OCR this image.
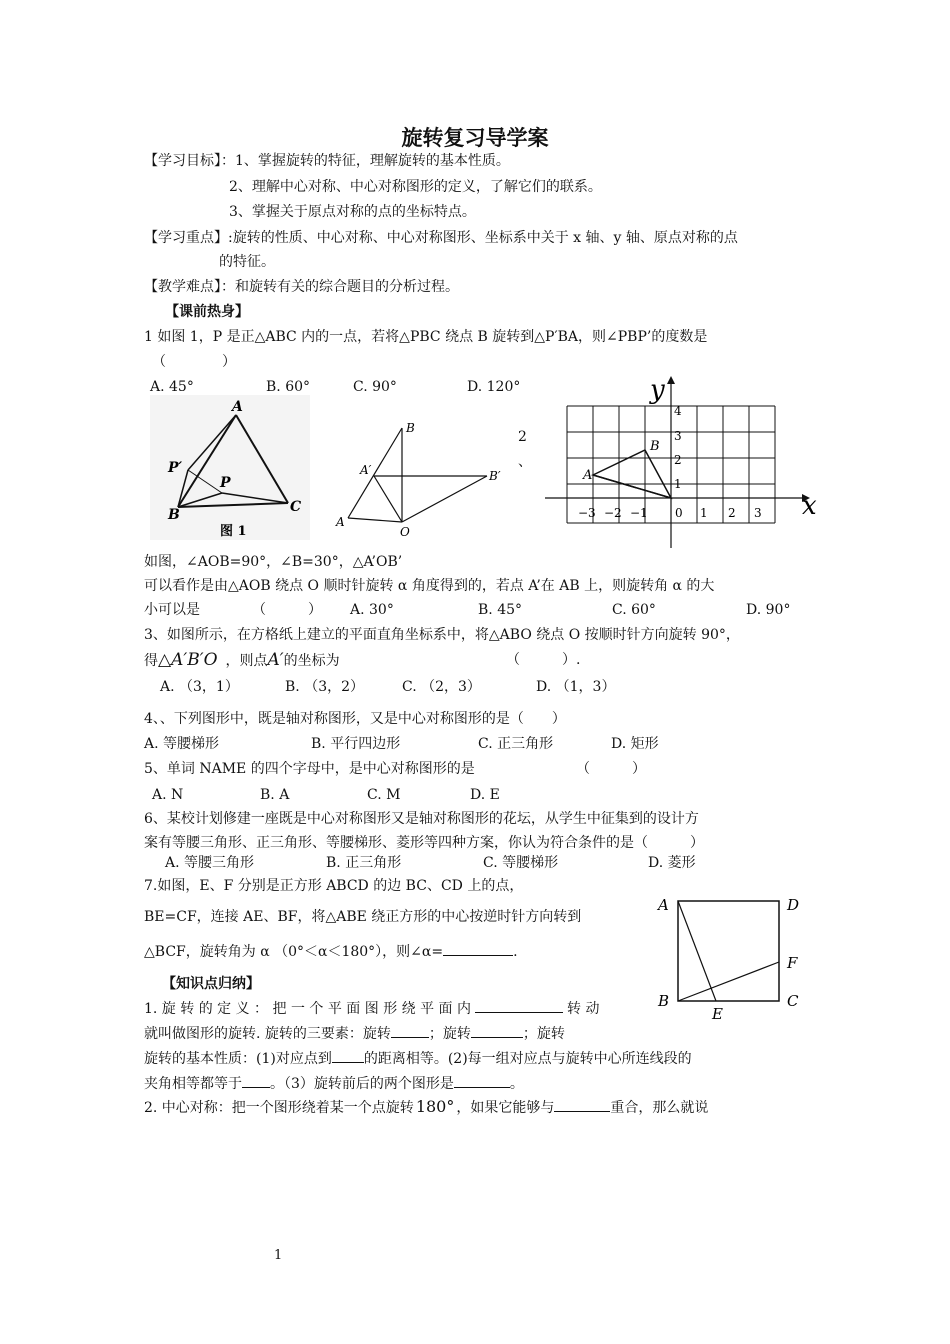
旋转复习导学案
【学习目标】：1、掌握旋转的特征，理解旋转的基本性质。
2、理解中心对称、中心对称图形的定义，了解它们的联系。
3、掌握关于原点对称的点的坐标特点。
【学习重点】:旋转的性质、中心对称、中心对称图形、坐标系中关于 x 轴、y 轴、原点对称的点
的特征。
【教学难点】：和旋转有关的综合题目的分析过程。
【课前热身】
1 如图 1，P 是正△ABC 内的一点，若将△PBC 绕点 B 旋转到△P′BA，则∠PBP’的度数是
（　　　　）
A. 45°	B. 60°	C. 90°	D. 120°
A
P′
P
B	C
图 1
B
A′	B′
A
O
2
、
y
x
−3 −2 −1 0 1 2 3
1
2
3
4
A
B
如图，∠AOB=90°，∠B=30°，△A’OB’
可以看作是由△AOB 绕点 O 顺时针旋转 α 角度得到的，若点 A’在 AB 上，则旋转角 α 的大
小可以是	（　　　） A. 30°	B. 45°	C. 60°	D. 90°
3、如图所示，在方格纸上建立的平面直角坐标系中，将△ABO 绕点 O 按顺时针方向旋转 90°，
得△A′B′O ，则点A′的坐标为	（　　　）.
A. （3，1）	B. （3，2）	C. （2，3）	D. （1，3）
4、、下列图形中，既是轴对称图形，又是中心对称图形的是（　　）
A. 等腰梯形	B. 平行四边形	C. 正三角形	D. 矩形
5、单词 NAME 的四个字母中，是中心对称图形的是	（　　　）
A. N	B. A	C. M	D. E
6、某校计划修建一座既是中心对称图形又是轴对称图形的花坛，从学生中征集到的设计方
案有等腰三角形、正三角形、等腰梯形、菱形等四种方案，你认为符合条件的是（　　　）
A. 等腰三角形	B. 正三角形	C. 等腰梯形	D. 菱形
7.如图，E、F 分别是正方形 ABCD 的边 BC、CD 上的点，
BE=CF，连接 AE、BF，将△ABE 绕正方形的中心按逆时针方向转到
△BCF，旋转角为 α （0°＜α＜180°），则∠α=	.
A	D
F
B
E
C
【知识点归纳】
1. 旋 转 的 定 义 ： 把 一 个 平 面 图 形 绕 平 面 内	转 动
就叫做图形的旋转. 旋转的三要素：旋转	；旋转	；旋转
旋转的基本性质：(1)对应点到 的距离相等。(2)每一组对应点与旋转中心所连线段的
夹角相等都等于 。（3）旋转前后的两个图形是	。
2. 中心对称：把一个图形绕着某一个点旋转 180° ，如果它能够与	重合，那么就说
1
